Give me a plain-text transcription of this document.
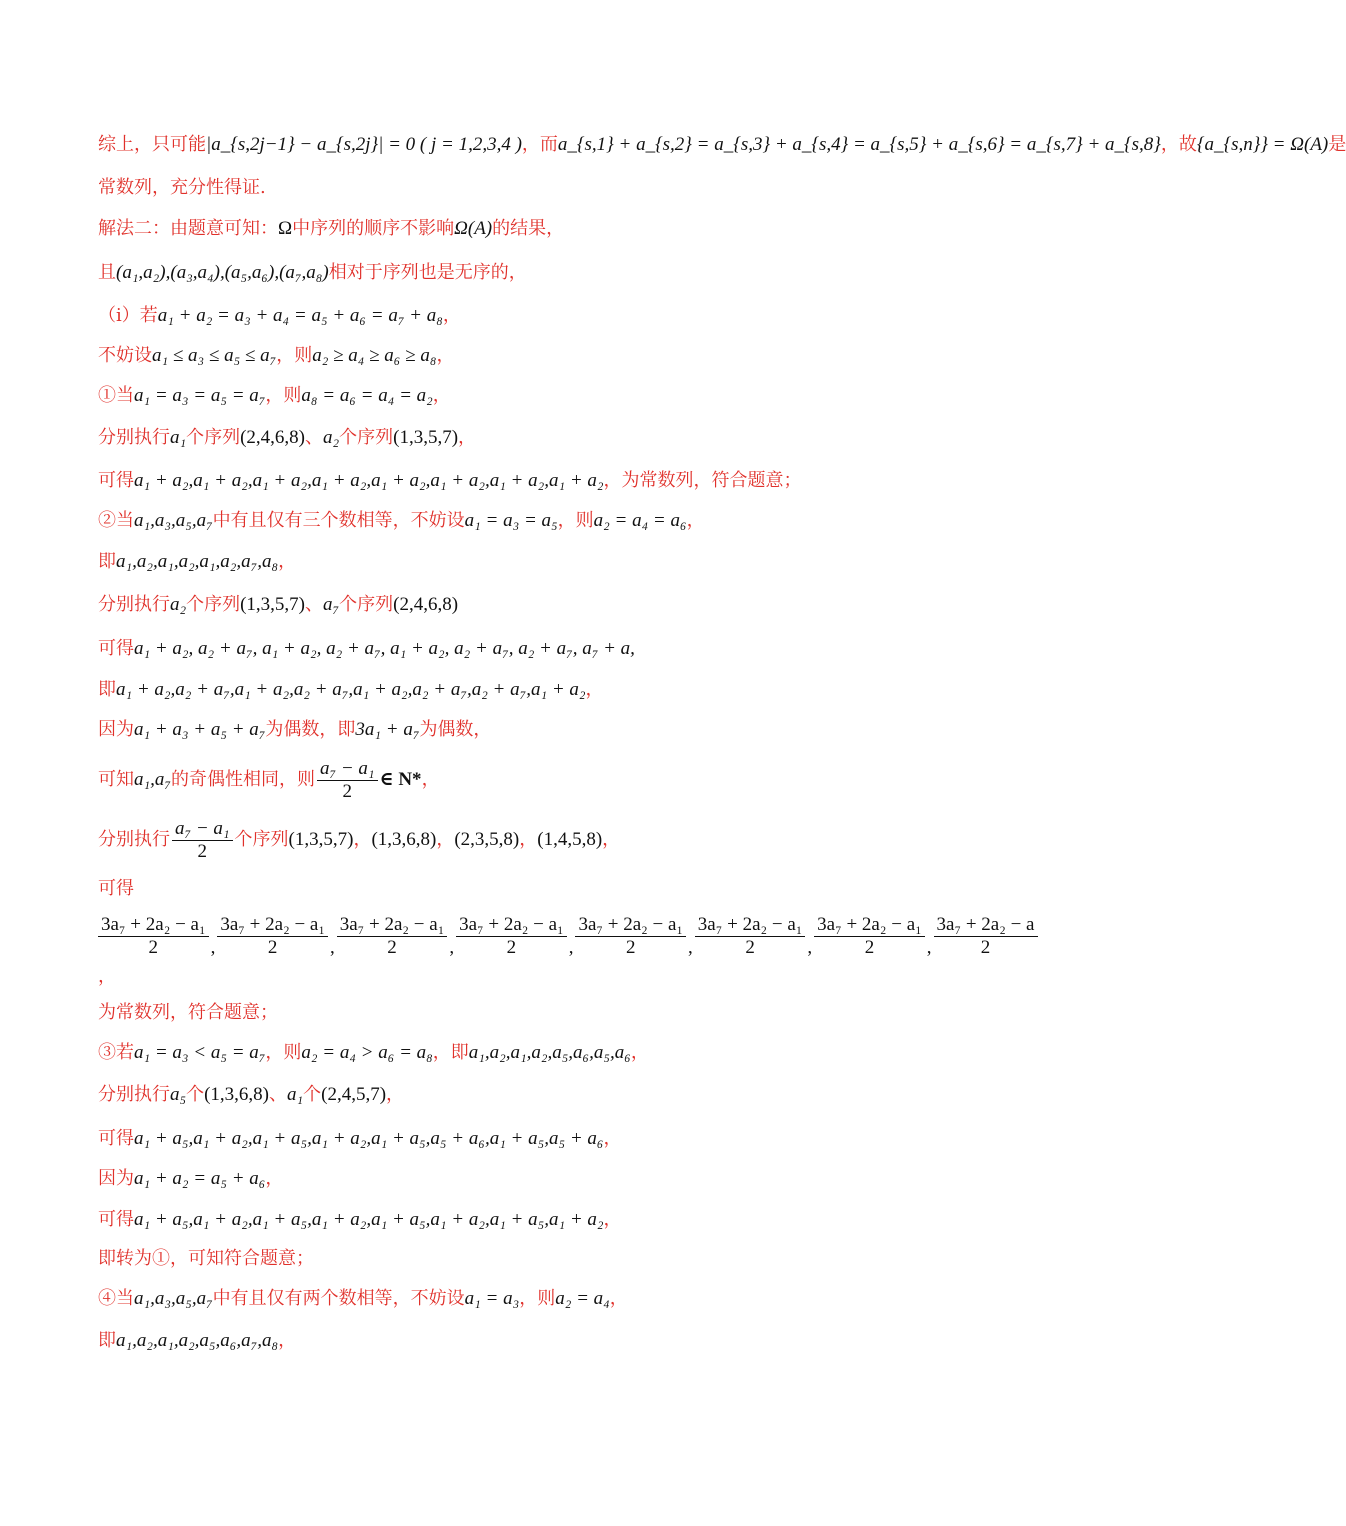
综上，只可能|a_{s,2j−1} − a_{s,2j}| = 0 ( j = 1,2,3,4 )，而a_{s,1} + a_{s,2} = a_{s,3} + a_{s,4} = a_{s,5} + a_{s,6} = a_{s,7} + a_{s,8}，故{a_{s,n}} = Ω(A)是
常数列，充分性得证.
解法二：由题意可知：Ω中序列的顺序不影响Ω(A)的结果，
且(a₁,a₂),(a₃,a₄),(a₅,a₆),(a₇,a₈)相对于序列也是无序的，
（ⅰ）若a₁ + a₂ = a₃ + a₄ = a₅ + a₆ = a₇ + a₈，
不妨设a₁ ≤ a₃ ≤ a₅ ≤ a₇，则a₂ ≥ a₄ ≥ a₆ ≥ a₈，
①当a₁ = a₃ = a₅ = a₇，则a₈ = a₆ = a₄ = a₂，
分别执行a₁个序列(2,4,6,8)、a₂个序列(1,3,5,7)，
可得a₁ + a₂,a₁ + a₂,a₁ + a₂,a₁ + a₂,a₁ + a₂,a₁ + a₂,a₁ + a₂,a₁ + a₂，为常数列，符合题意；
②当a₁,a₃,a₅,a₇中有且仅有三个数相等，不妨设a₁ = a₃ = a₅，则a₂ = a₄ = a₆，
即a₁,a₂,a₁,a₂,a₁,a₂,a₇,a₈，
分别执行a₂个序列(1,3,5,7)、a₇个序列(2,4,6,8)
可得a₁ + a₂, a₂ + a₇, a₁ + a₂, a₂ + a₇, a₁ + a₂, a₂ + a₇, a₂ + a₇, a₇ + a,
即a₁ + a₂,a₂ + a₇,a₁ + a₂,a₂ + a₇,a₁ + a₂,a₂ + a₇,a₂ + a₇,a₁ + a₂，
因为a₁ + a₃ + a₅ + a₇为偶数，即3a₁ + a₇为偶数，
可知a₁,a₇的奇偶性相同，则 $\frac{\text{a₇ − a₁}}{2}$ ∈ N*，
分别执行 $\frac{\text{a₇ − a₁}}{2}$ 个序列(1,3,5,7)，(1,3,6,8)，(2,3,5,8)，(1,4,5,8)，
可得
$\frac{\text{3a₇ + 2a₂ − a₁}}{2}$ , $\frac{\text{3a₇ + 2a₂ − a₁}}{2}$ , $\frac{\text{3a₇ + 2a₂ − a₁}}{2}$ , $\frac{\text{3a₇ + 2a₂ − a₁}}{2}$ , $\frac{\text{3a₇ + 2a₂ − a₁}}{2}$ , $\frac{\text{3a₇ + 2a₂ − a₁}}{2}$ , $\frac{\text{3a₇ + 2a₂ − a₁}}{2}$ , $\frac{\text{3a₇ + 2a₂ − a}}{2}$
，
为常数列，符合题意；
③若a₁ = a₃ < a₅ = a₇，则a₂ = a₄ > a₆ = a₈，即a₁,a₂,a₁,a₂,a₅,a₆,a₅,a₆，
分别执行a₅个(1,3,6,8)、a₁个(2,4,5,7)，
可得a₁ + a₅,a₁ + a₂,a₁ + a₅,a₁ + a₂,a₁ + a₅,a₅ + a₆,a₁ + a₅,a₅ + a₆，
因为a₁ + a₂ = a₅ + a₆，
可得a₁ + a₅,a₁ + a₂,a₁ + a₅,a₁ + a₂,a₁ + a₅,a₁ + a₂,a₁ + a₅,a₁ + a₂，
即转为①，可知符合题意；
④当a₁,a₃,a₅,a₇中有且仅有两个数相等，不妨设a₁ = a₃，则a₂ = a₄，
即a₁,a₂,a₁,a₂,a₅,a₆,a₇,a₈，
